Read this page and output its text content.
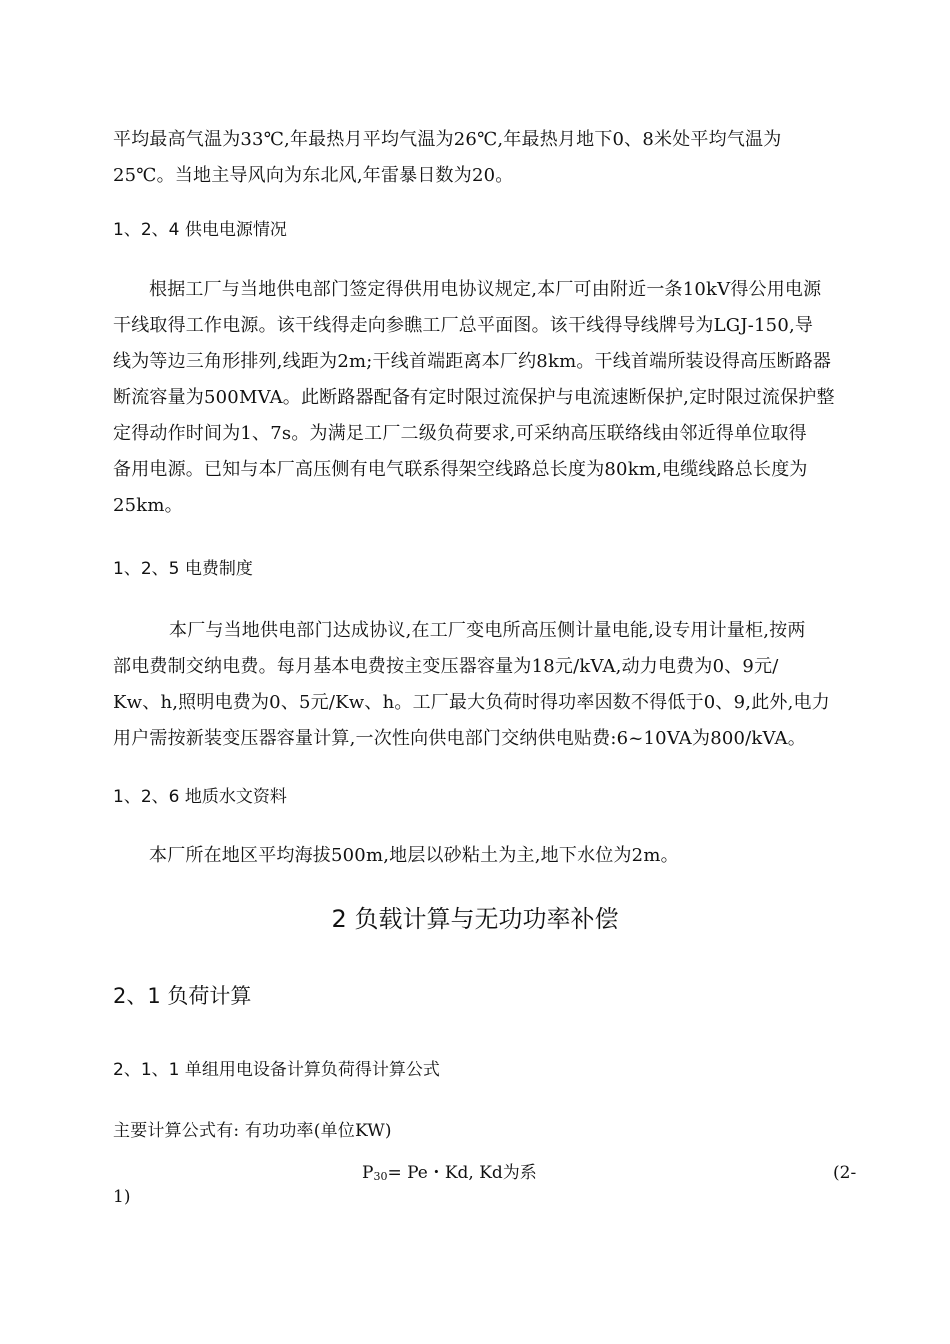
平均最高气温为33℃,年最热月平均气温为26℃,年最热月地下0、8米处平均气温为
25℃。当地主导风向为东北风,年雷暴日数为20。
1、2、4 供电电源情况
根据工厂与当地供电部门签定得供用电协议规定,本厂可由附近一条10kV得公用电源
干线取得工作电源。该干线得走向参瞧工厂总平面图。该干线得导线牌号为LGJ-150,导
线为等边三角形排列,线距为2m;干线首端距离本厂约8km。干线首端所装设得高压断路器
断流容量为500MVA。此断路器配备有定时限过流保护与电流速断保护,定时限过流保护整
定得动作时间为1、7s。为满足工厂二级负荷要求,可采纳高压联络线由邻近得单位取得
备用电源。已知与本厂高压侧有电气联系得架空线路总长度为80km,电缆线路总长度为
25km。
1、2、5 电费制度
本厂与当地供电部门达成协议,在工厂变电所高压侧计量电能,设专用计量柜,按两
部电费制交纳电费。每月基本电费按主变压器容量为18元/kVA,动力电费为0、9元/
Kw、h,照明电费为0、5元/Kw、h。工厂最大负荷时得功率因数不得低于0、9,此外,电力
用户需按新装变压器容量计算,一次性向供电部门交纳供电贴费:6~10VA为800/kVA。
1、2、6 地质水文资料
本厂所在地区平均海拔500m,地层以砂粘土为主,地下水位为2m。
2 负载计算与无功功率补偿
2、1 负荷计算
2、1、1 单组用电设备计算负荷得计算公式
主要计算公式有: 有功功率(单位KW)
$P_{30}= Pe$・Kd, Kd为系	(2-
1)
